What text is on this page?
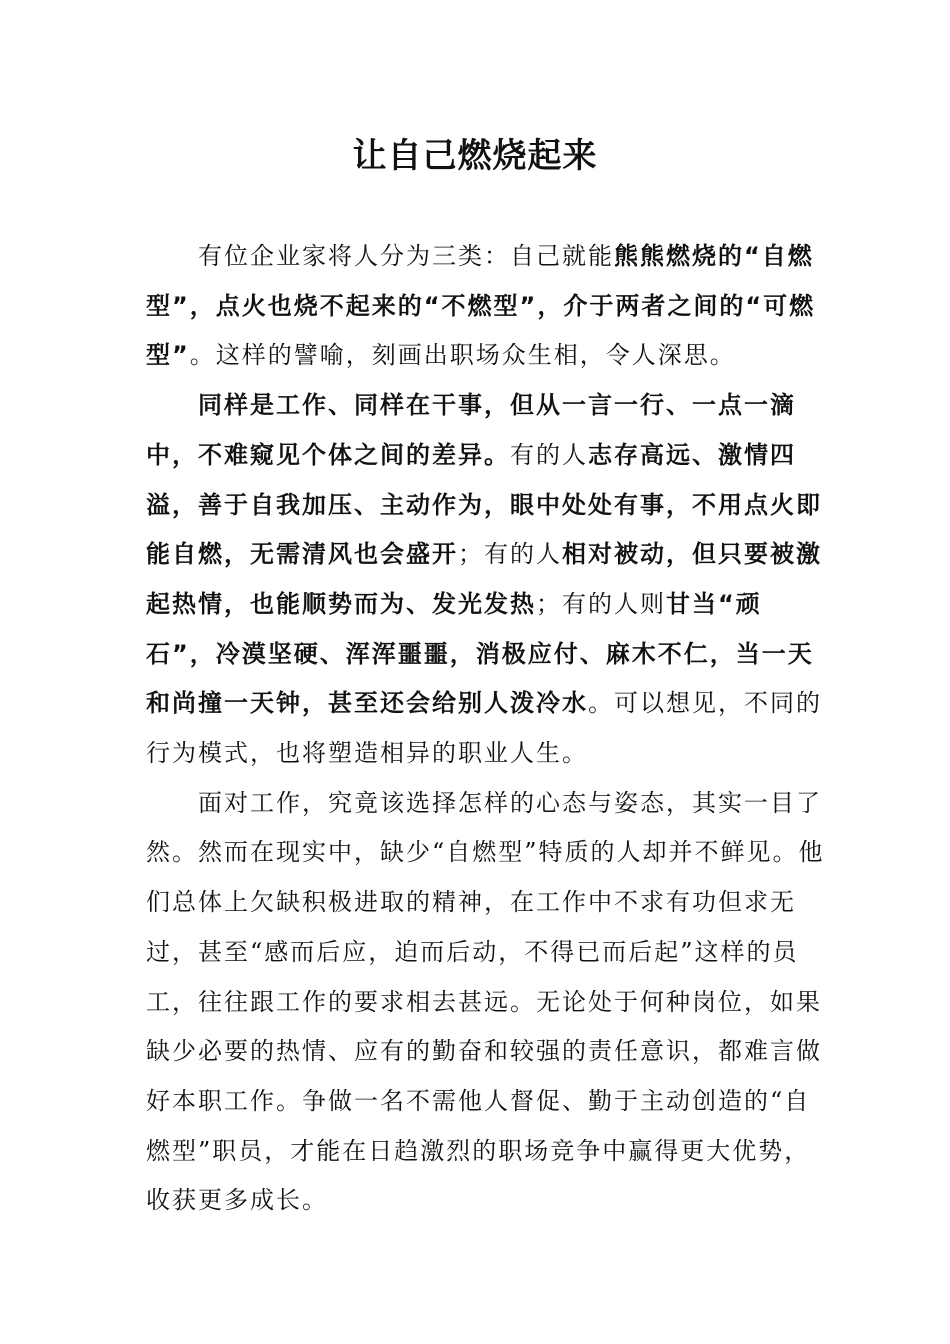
让自己燃烧起来

有位企业家将人分为三类：自己就能熊熊燃烧的“自燃型”，点火也烧不起来的“不燃型”，介于两者之间的“可燃型”。这样的譬喻，刻画出职场众生相，令人深思。

同样是工作、同样在干事，但从一言一行、一点一滴中，不难窥见个体之间的差异。有的人志存高远、激情四溢，善于自我加压、主动作为，眼中处处有事，不用点火即能自燃，无需清风也会盛开；有的人相对被动，但只要被激起热情，也能顺势而为、发光发热；有的人则甘当“顽石”，冷漠坚硬、浑浑噩噩，消极应付、麻木不仁，当一天和尚撞一天钟，甚至还会给别人泼冷水。可以想见，不同的行为模式，也将塑造相异的职业人生。

面对工作，究竟该选择怎样的心态与姿态，其实一目了然。然而在现实中，缺少“自燃型”特质的人却并不鲜见。他们总体上欠缺积极进取的精神，在工作中不求有功但求无过，甚至“感而后应，迫而后动，不得已而后起”这样的员工，往往跟工作的要求相去甚远。无论处于何种岗位，如果缺少必要的热情、应有的勤奋和较强的责任意识，都难言做好本职工作。争做一名不需他人督促、勤于主动创造的“自燃型”职员，才能在日趋激烈的职场竞争中赢得更大优势，收获更多成长。
